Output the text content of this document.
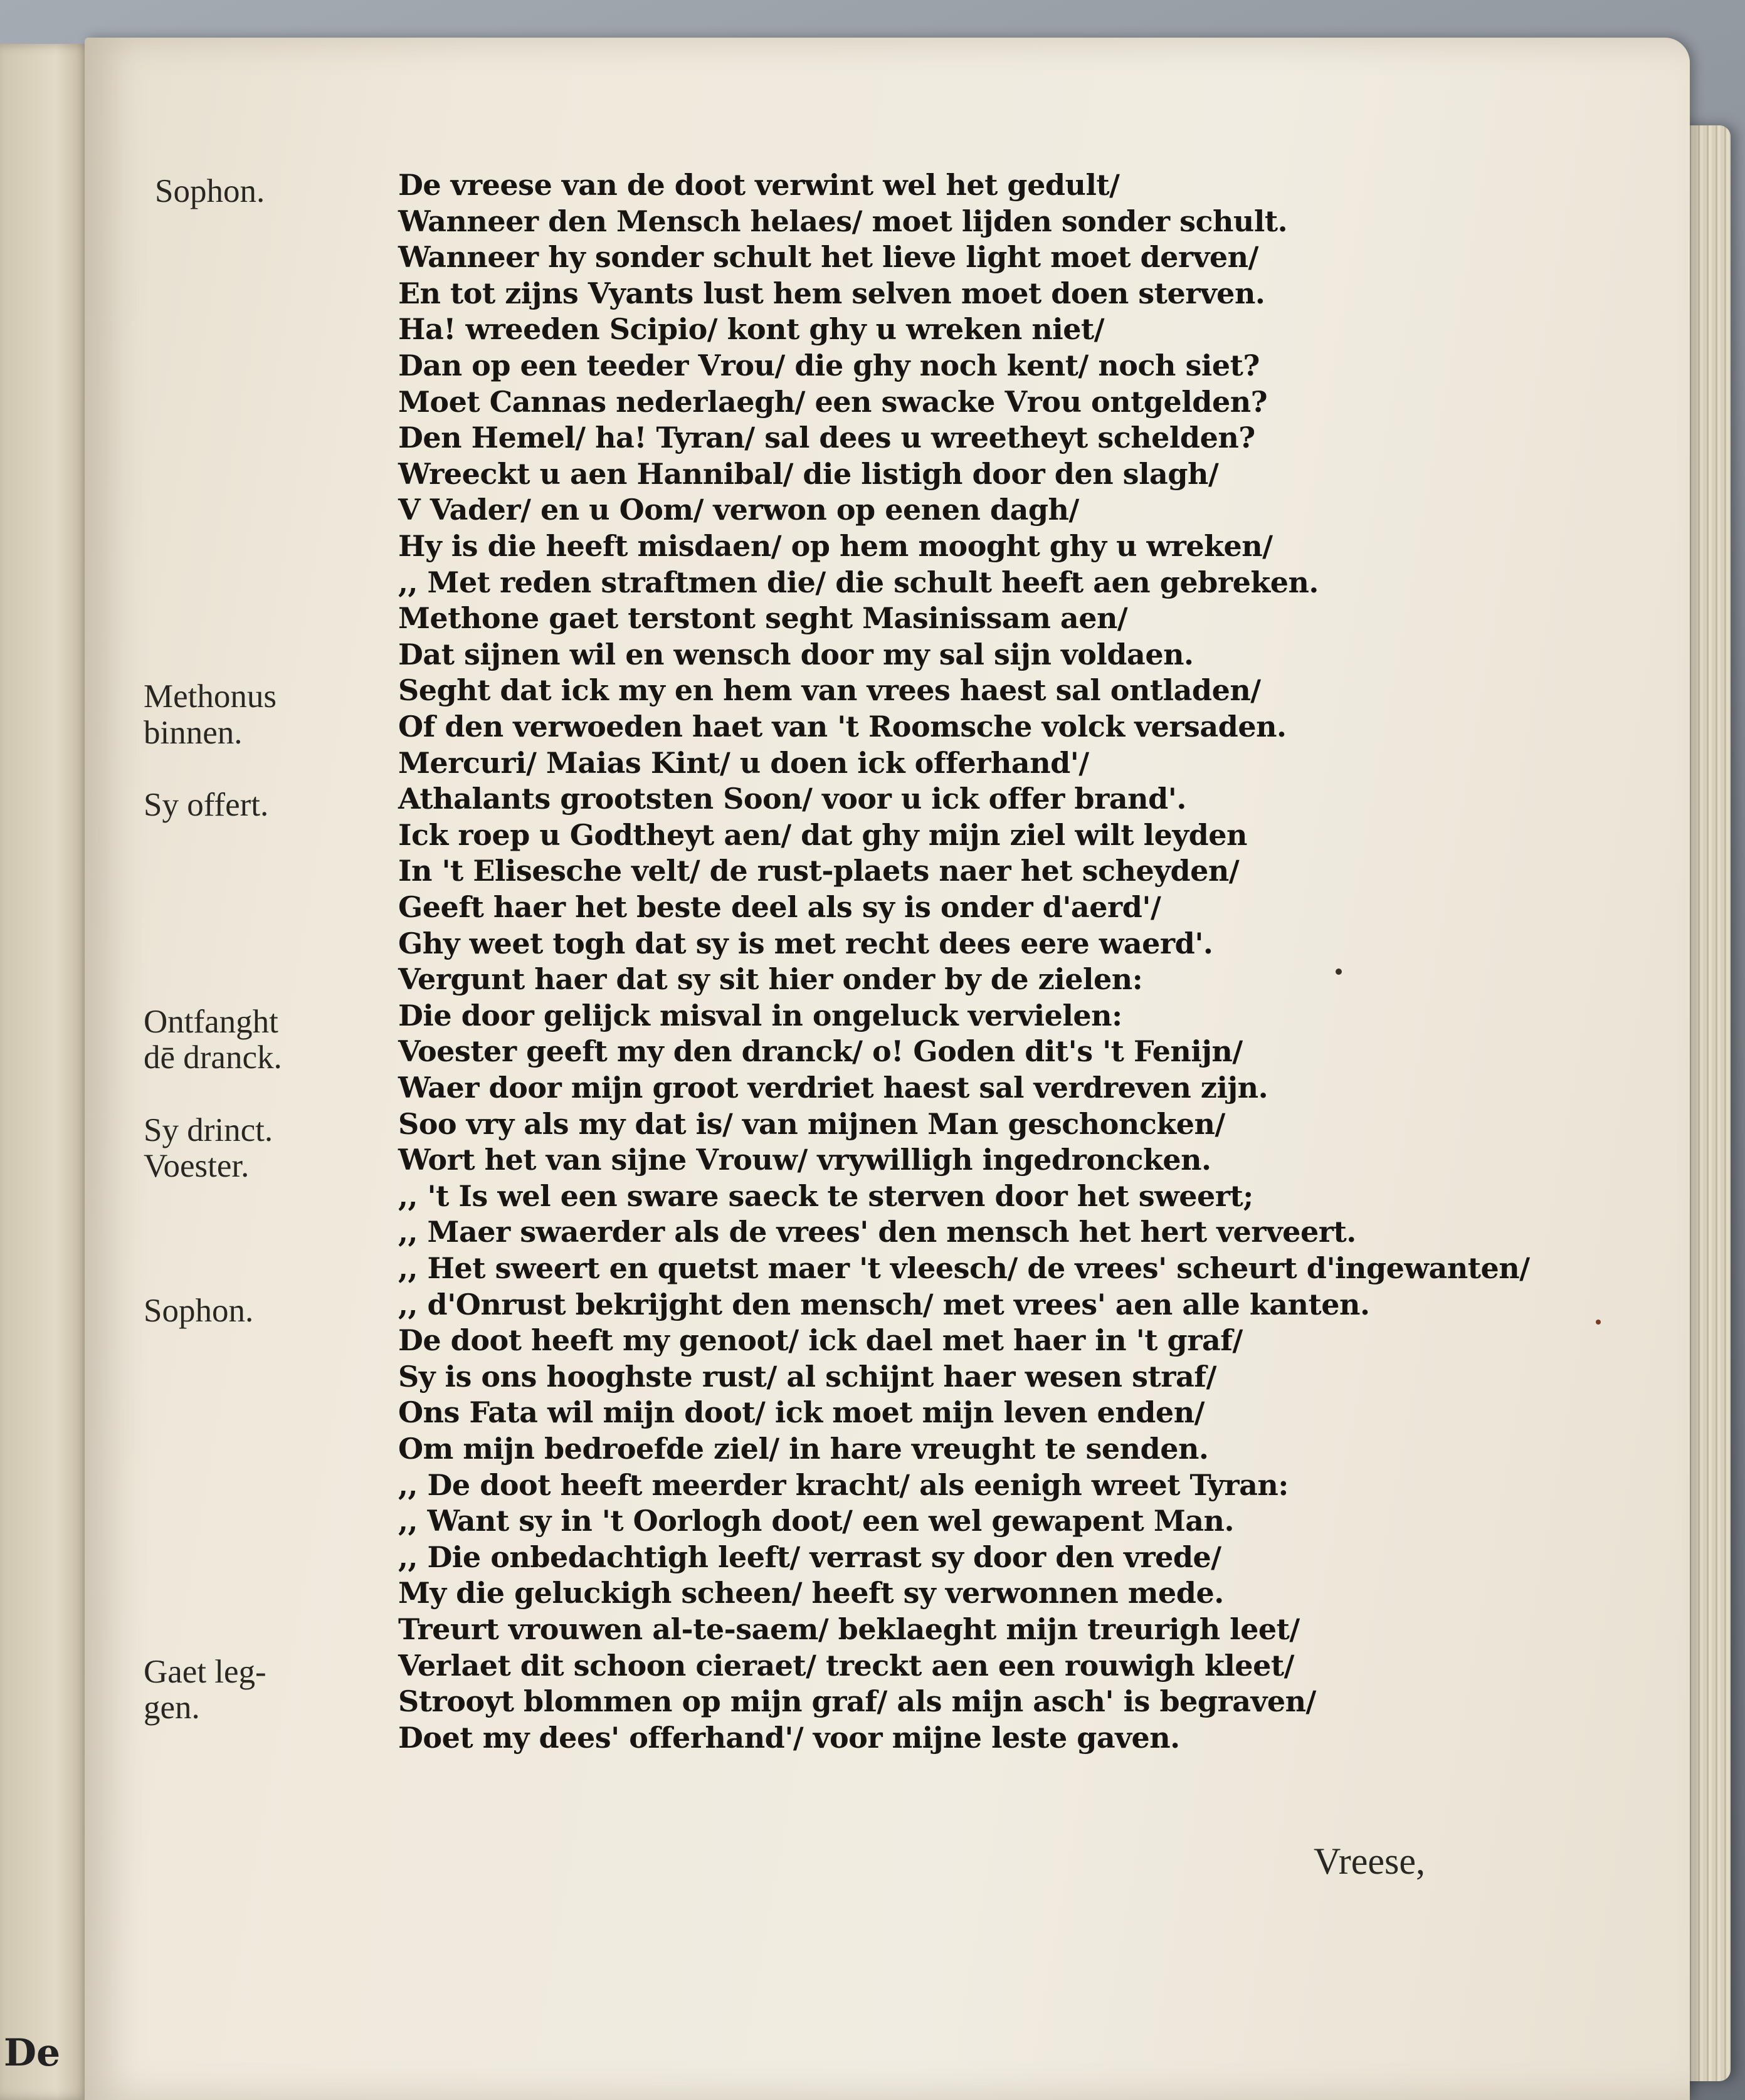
De
Sophon.
Methonus
binnen.
Sy offert.
Ontfanght
dē dranck.
Sy drinct.
Voester.
Sophon.
Gaet leg-
gen.
De vreese van de doot verwint wel het gedult/
Wanneer den Mensch helaes/ moet lijden sonder schult.
Wanneer hy sonder schult het lieve light moet derven/
En tot zijns Vyants lust hem selven moet doen sterven.
Ha! wreeden Scipio/ kont ghy u wreken niet/
Dan op een teeder Vrou/ die ghy noch kent/ noch siet?
Moet Cannas nederlaegh/ een swacke Vrou ontgelden?
Den Hemel/ ha! Tyran/ sal dees u wreetheyt schelden?
Wreeckt u aen Hannibal/ die listigh door den slagh/
V Vader/ en u Oom/ verwon op eenen dagh/
Hy is die heeft misdaen/ op hem mooght ghy u wreken/
,, Met reden straftmen die/ die schult heeft aen gebreken.
Methone gaet terstont seght Masinissam aen/
Dat sijnen wil en wensch door my sal sijn voldaen.
Seght dat ick my en hem van vrees haest sal ontladen/
Of den verwoeden haet van 't Roomsche volck versaden.
Mercuri/ Maias Kint/ u doen ick offerhand'/
Athalants grootsten Soon/ voor u ick offer brand'.
Ick roep u Godtheyt aen/ dat ghy mijn ziel wilt leyden
In 't Elisesche velt/ de rust-plaets naer het scheyden/
Geeft haer het beste deel als sy is onder d'aerd'/
Ghy weet togh dat sy is met recht dees eere waerd'.
Vergunt haer dat sy sit hier onder by de zielen:
Die door gelijck misval in ongeluck vervielen:
Voester geeft my den dranck/ o! Goden dit's 't Fenijn/
Waer door mijn groot verdriet haest sal verdreven zijn.
Soo vry als my dat is/ van mijnen Man geschoncken/
Wort het van sijne Vrouw/ vrywilligh ingedroncken.
,, 't Is wel een sware saeck te sterven door het sweert;
,, Maer swaerder als de vrees' den mensch het hert verveert.
,, Het sweert en quetst maer 't vleesch/ de vrees' scheurt d'ingewanten/
,, d'Onrust bekrijght den mensch/ met vrees' aen alle kanten.
De doot heeft my genoot/ ick dael met haer in 't graf/
Sy is ons hooghste rust/ al schijnt haer wesen straf/
Ons Fata wil mijn doot/ ick moet mijn leven enden/
Om mijn bedroefde ziel/ in hare vreught te senden.
,, De doot heeft meerder kracht/ als eenigh wreet Tyran:
,, Want sy in 't Oorlogh doot/ een wel gewapent Man.
,, Die onbedachtigh leeft/ verrast sy door den vrede/
My die geluckigh scheen/ heeft sy verwonnen mede.
Treurt vrouwen al-te-saem/ beklaeght mijn treurigh leet/
Verlaet dit schoon cieraet/ treckt aen een rouwigh kleet/
Strooyt blommen op mijn graf/ als mijn asch' is begraven/
Doet my dees' offerhand'/ voor mijne leste gaven.
Vreese,
